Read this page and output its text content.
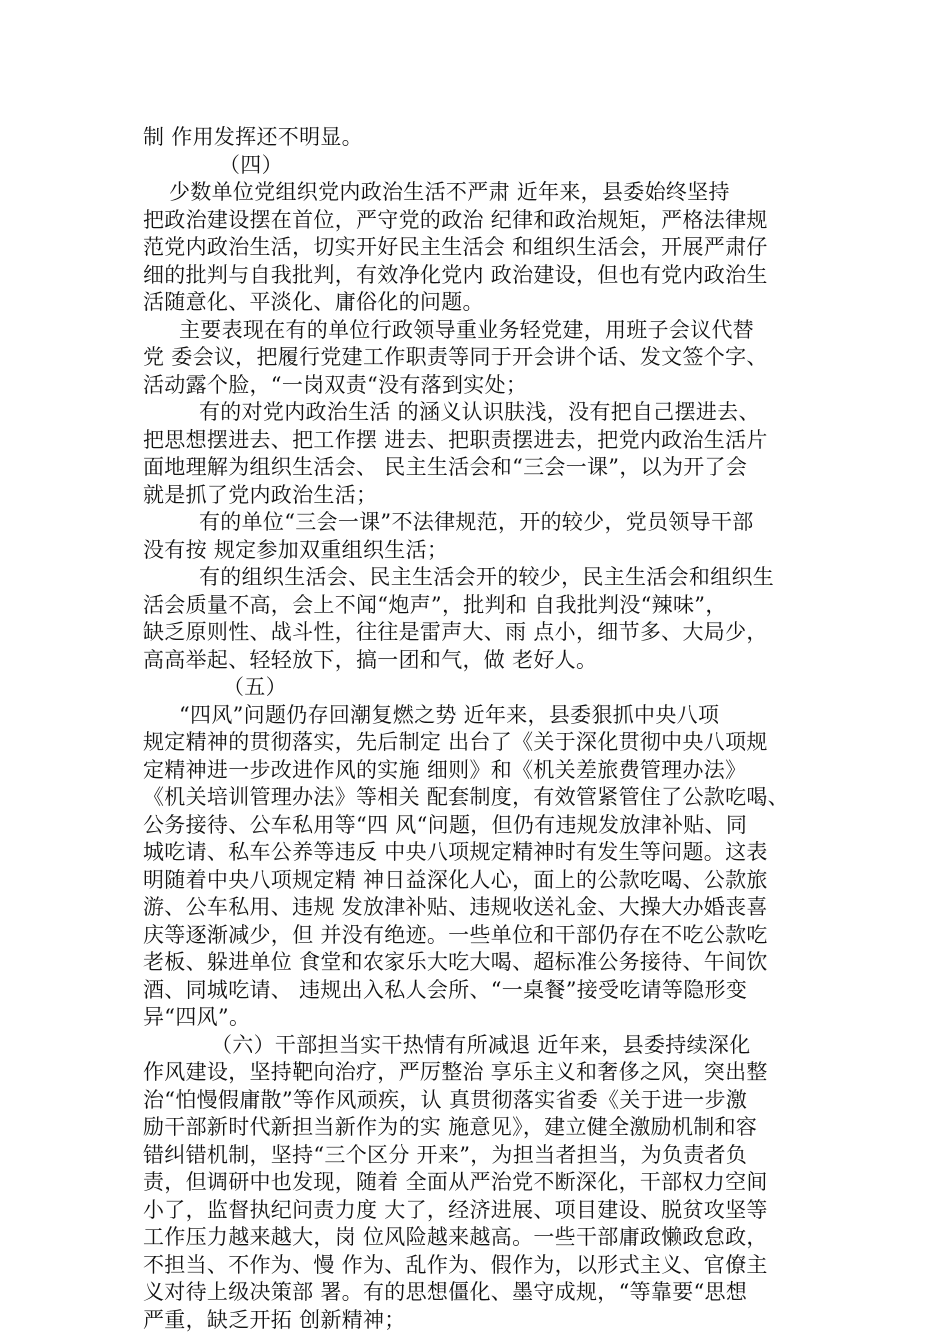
制 作用发挥还不明显。
（四）
少数单位党组织党内政治生活不严肃 近年来，县委始终坚持
把政治建设摆在首位，严守党的政治 纪律和政治规矩，严格法律规
范党内政治生活，切实开好民主生活会 和组织生活会，开展严肃仔
细的批判与自我批判，有效净化党内 政治建设，但也有党内政治生
活随意化、平淡化、庸俗化的问题。
主要表现在有的单位行政领导重业务轻党建，用班子会议代替
党 委会议，把履行党建工作职责等同于开会讲个话、发文签个字、
活动露个脸，“一岗双责“没有落到实处；
有的对党内政治生活 的涵义认识肤浅，没有把自己摆进去、
把思想摆进去、把工作摆 进去、把职责摆进去，把党内政治生活片
面地理解为组织生活会、 民主生活会和“三会一课”，以为开了会
就是抓了党内政治生活；
有的单位“三会一课”不法律规范，开的较少，党员领导干部
没有按 规定参加双重组织生活；
有的组织生活会、民主生活会开的较少，民主生活会和组织生
活会质量不高，会上不闻“炮声”，批判和 自我批判没“辣味”，
缺乏原则性、战斗性，往往是雷声大、雨 点小，细节多、大局少，
高高举起、轻轻放下，搞一团和气，做 老好人。
（五）
“四风”问题仍存回潮复燃之势 近年来，县委狠抓中央八项
规定精神的贯彻落实，先后制定 出台了《关于深化贯彻中央八项规
定精神进一步改进作风的实施 细则》和《机关差旅费管理办法》
《机关培训管理办法》等相关 配套制度，有效管紧管住了公款吃喝、
公务接待、公车私用等“四 风“问题，但仍有违规发放津补贴、同
城吃请、私车公养等违反 中央八项规定精神时有发生等问题。这表
明随着中央八项规定精 神日益深化人心，面上的公款吃喝、公款旅
游、公车私用、违规 发放津补贴、违规收送礼金、大操大办婚丧喜
庆等逐渐减少，但 并没有绝迹。一些单位和干部仍存在不吃公款吃
老板、躲进单位 食堂和农家乐大吃大喝、超标准公务接待、午间饮
酒、同城吃请、 违规出入私人会所、“一桌餐”接受吃请等隐形变
异“四风”。
（六）干部担当实干热情有所减退 近年来，县委持续深化
作风建设，坚持靶向治疗，严厉整治 享乐主义和奢侈之风，突出整
治“怕慢假庸散”等作风顽疾，认 真贯彻落实省委《关于进一步激
励干部新时代新担当新作为的实 施意见》，建立健全激励机制和容
错纠错机制，坚持“三个区分 开来”，为担当者担当，为负责者负
责，但调研中也发现，随着 全面从严治党不断深化，干部权力空间
小了，监督执纪问责力度 大了，经济进展、项目建设、脱贫攻坚等
工作压力越来越大，岗 位风险越来越高。一些干部庸政懒政怠政，
不担当、不作为、慢 作为、乱作为、假作为，以形式主义、官僚主
义对待上级决策部 署。有的思想僵化、墨守成规，“等靠要“思想
严重，缺乏开拓 创新精神；
